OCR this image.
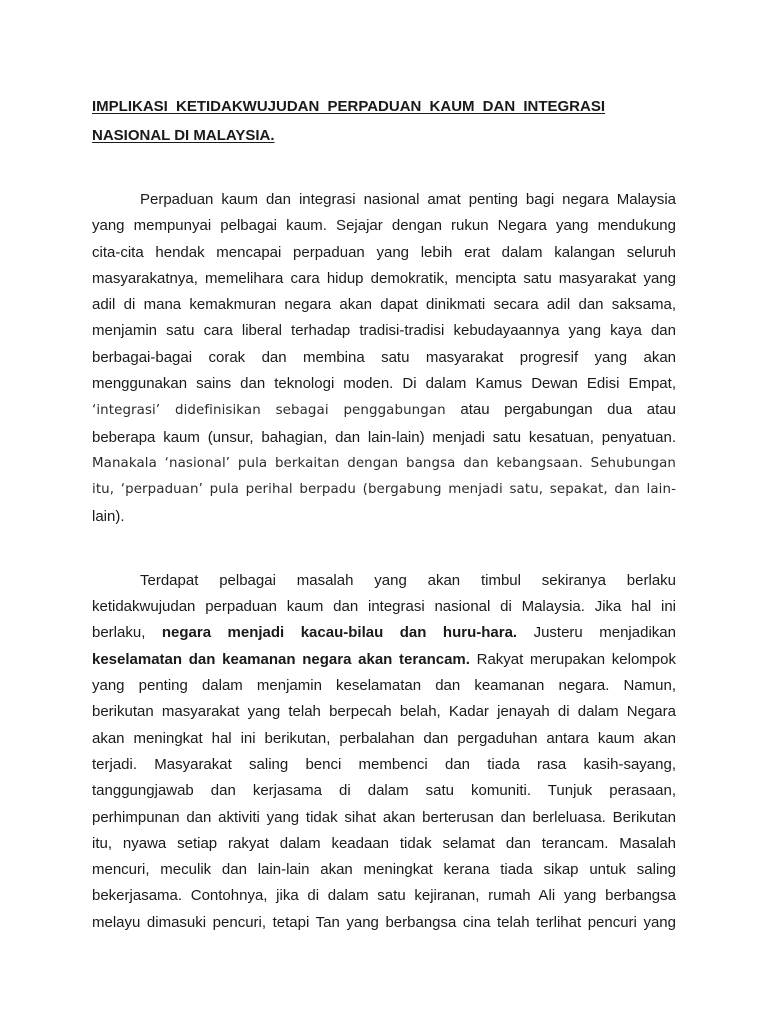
IMPLIKASI KETIDAKWUJUDAN PERPADUAN KAUM DAN INTEGRASI
NASIONAL DI MALAYSIA.
Perpaduan kaum dan integrasi nasional amat penting bagi negara Malaysia
yang mempunyai pelbagai kaum. Sejajar dengan rukun Negara yang mendukung
cita-cita hendak mencapai perpaduan yang lebih erat dalam kalangan seluruh
masyarakatnya, memelihara cara hidup demokratik, mencipta satu masyarakat yang
adil di mana kemakmuran negara akan dapat dinikmati secara adil dan saksama,
menjamin satu cara liberal terhadap tradisi-tradisi kebudayaannya yang kaya dan
berbagai-bagai corak dan membina satu masyarakat progresif yang akan
menggunakan sains dan teknologi moden. Di dalam Kamus Dewan Edisi Empat,
‘integrasi’ didefinisikan sebagai penggabungan atau pergabungan dua atau
beberapa kaum (unsur, bahagian, dan lain-lain) menjadi satu kesatuan, penyatuan.
Manakala ‘nasional’ pula berkaitan dengan bangsa dan kebangsaan. Sehubungan
itu, ‘perpaduan’ pula perihal berpadu (bergabung menjadi satu, sepakat, dan lain-
lain).
Terdapat pelbagai masalah yang akan timbul sekiranya berlaku
ketidakwujudan perpaduan kaum dan integrasi nasional di Malaysia. Jika hal ini
berlaku, negara menjadi kacau-bilau dan huru-hara. Justeru menjadikan
keselamatan dan keamanan negara akan terancam. Rakyat merupakan kelompok
yang penting dalam menjamin keselamatan dan keamanan negara. Namun,
berikutan masyarakat yang telah berpecah belah, Kadar jenayah di dalam Negara
akan meningkat hal ini berikutan, perbalahan dan pergaduhan antara kaum akan
terjadi. Masyarakat saling benci membenci dan tiada rasa kasih-sayang,
tanggungjawab dan kerjasama di dalam satu komuniti. Tunjuk perasaan,
perhimpunan dan aktiviti yang tidak sihat akan berterusan dan berleluasa. Berikutan
itu, nyawa setiap rakyat dalam keadaan tidak selamat dan terancam. Masalah
mencuri, meculik dan lain-lain akan meningkat kerana tiada sikap untuk saling
bekerjasama. Contohnya, jika di dalam satu kejiranan, rumah Ali yang berbangsa
melayu dimasuki pencuri, tetapi Tan yang berbangsa cina telah terlihat pencuri yang
